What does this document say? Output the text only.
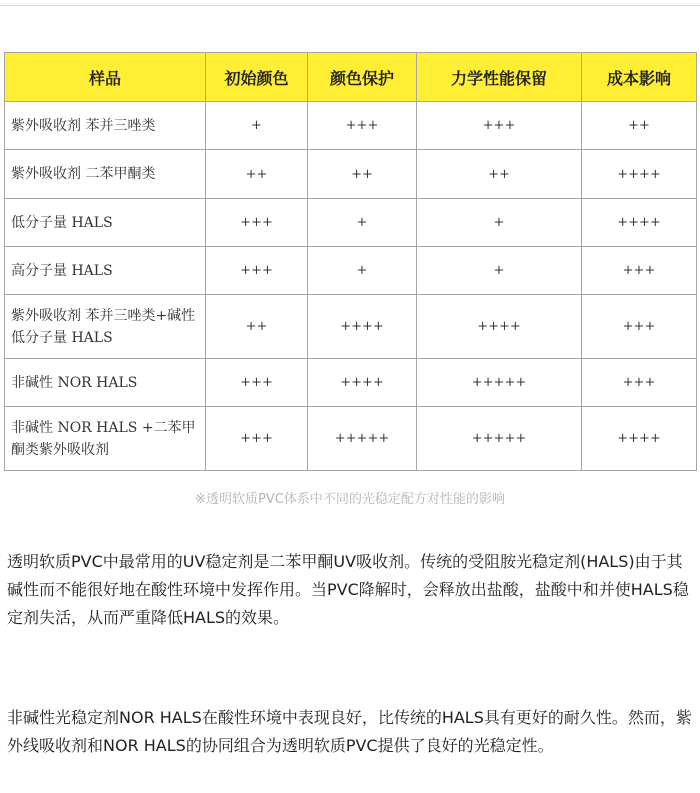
样品	初始颜色	颜色保护	力学性能保留	成本影响
紫外吸收剂 苯并三唑类	+	+++	+++	++
紫外吸收剂 二苯甲酮类	++	++	++	++++
低分子量 HALS	+++	+	+	++++
高分子量 HALS	+++	+	+	+++
紫外吸收剂 苯并三唑类+碱性低分子量 HALS	++	++++	++++	+++
非碱性 NOR HALS	+++	++++	+++++	+++
非碱性 NOR HALS +二苯甲酮类紫外吸收剂	+++	+++++	+++++	++++
※透明软质PVC体系中不同的光稳定配方对性能的影响

透明软质PVC中最常用的UV稳定剂是二苯甲酮UV吸收剂。传统的受阻胺光稳定剂(HALS)由于其碱性而不能很好地在酸性环境中发挥作用。当PVC降解时，会释放出盐酸，盐酸中和并使HALS稳定剂失活，从而严重降低HALS的效果。

非碱性光稳定剂NOR HALS在酸性环境中表现良好，比传统的HALS具有更好的耐久性。然而，紫外线吸收剂和NOR HALS的协同组合为透明软质PVC提供了良好的光稳定性。
